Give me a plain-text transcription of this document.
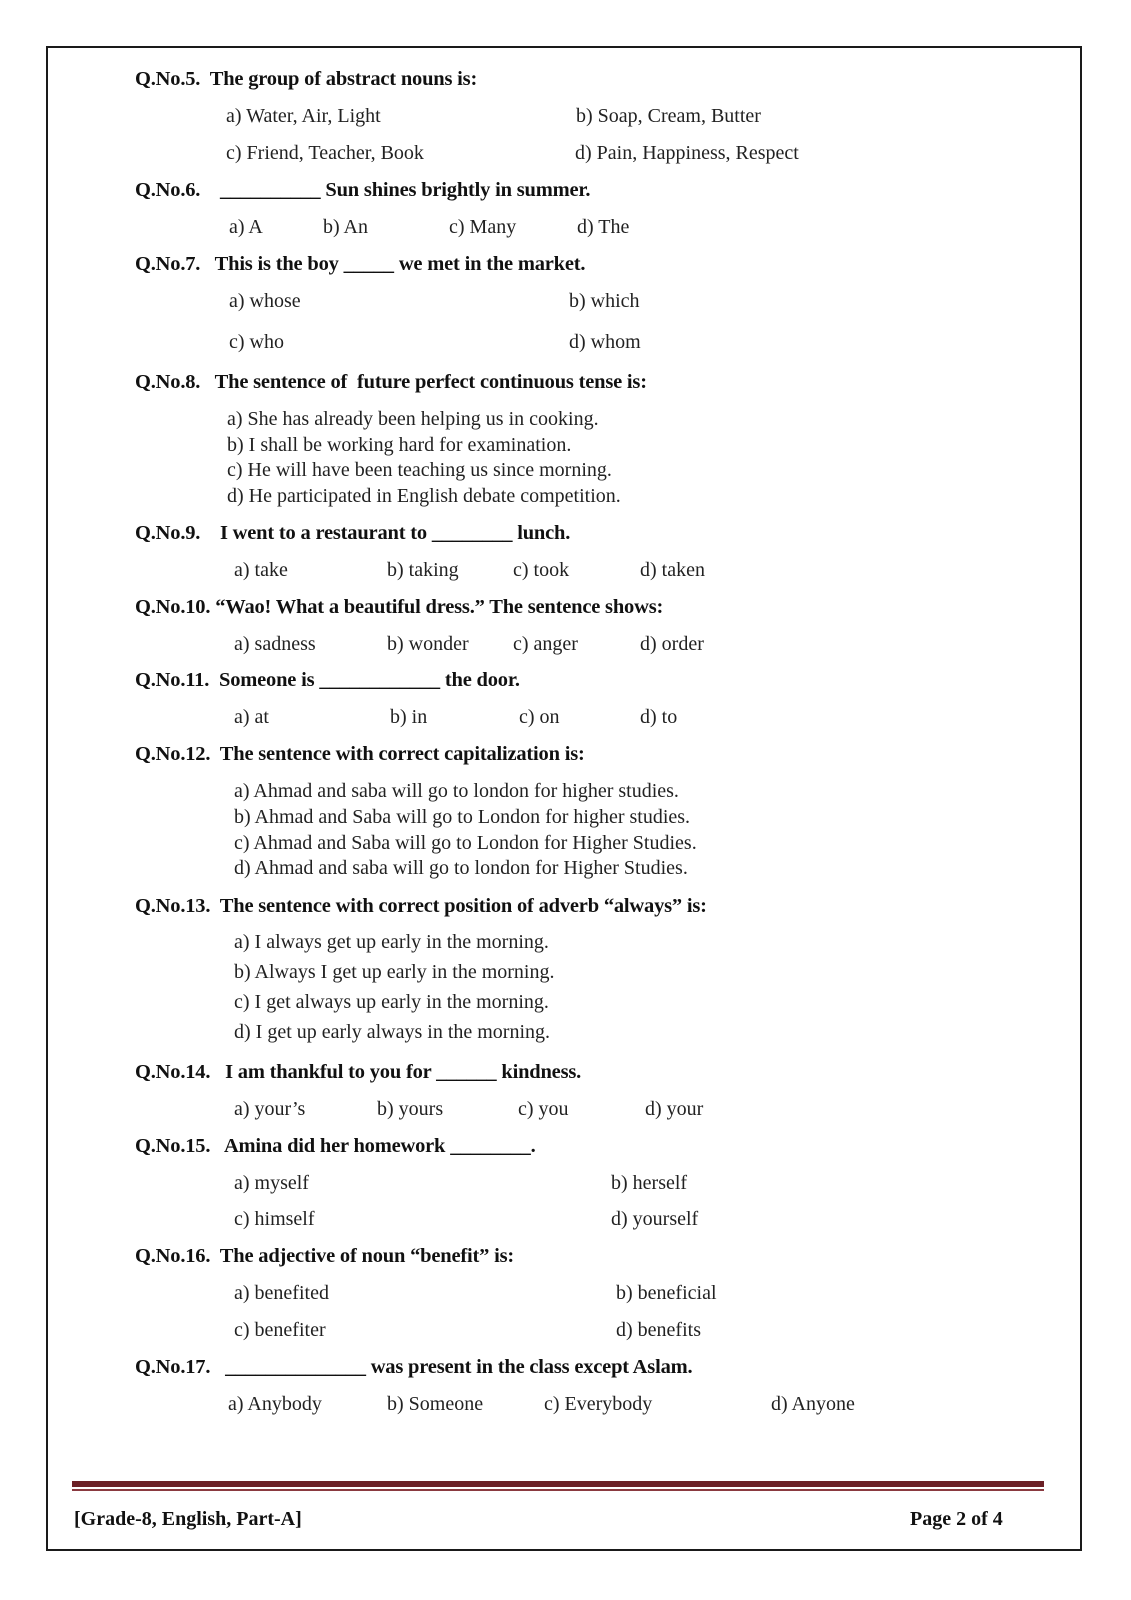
Q.No.5. The group of abstract nouns is:
a) Water, Air, Light	b) Soap, Cream, Butter
c) Friend, Teacher, Book	d) Pain, Happiness, Respect
Q.No.6. __________ Sun shines brightly in summer.
a) A	b) An	c) Many	d) The
Q.No.7. This is the boy _____ we met in the market.
a) whose	b) which
c) who	d) whom
Q.No.8. The sentence of  future perfect continuous tense is:
a) She has already been helping us in cooking.
b) I shall be working hard for examination.
c) He will have been teaching us since morning.
d) He participated in English debate competition.
Q.No.9. I went to a restaurant to ________ lunch.
a) take	b) taking	c) took	d) taken
Q.No.10. “Wao! What a beautiful dress.” The sentence shows:
a) sadness	b) wonder c) anger	d) order
Q.No.11. Someone is ____________ the door.
a) at	b) in	c) on	d) to
Q.No.12. The sentence with correct capitalization is:
a) Ahmad and saba will go to london for higher studies.
b) Ahmad and Saba will go to London for higher studies.
c) Ahmad and Saba will go to London for Higher Studies.
d) Ahmad and saba will go to london for Higher Studies.
Q.No.13. The sentence with correct position of adverb “always” is:
a) I always get up early in the morning.
b) Always I get up early in the morning.
c) I get always up early in the morning.
d) I get up early always in the morning.
Q.No.14. I am thankful to you for ______ kindness.
a) your’s	b) yours	c) you	d) your
Q.No.15. Amina did her homework ________.
a) myself	b) herself
c) himself	d) yourself
Q.No.16. The adjective of noun “benefit” is:
a) benefited	b) beneficial
c) benefiter	d) benefits
Q.No.17. ______________ was present in the class except Aslam.
a) Anybody	b) Someone	c) Everybody	d) Anyone
[Grade-8, English, Part-A]	Page 2 of 4
